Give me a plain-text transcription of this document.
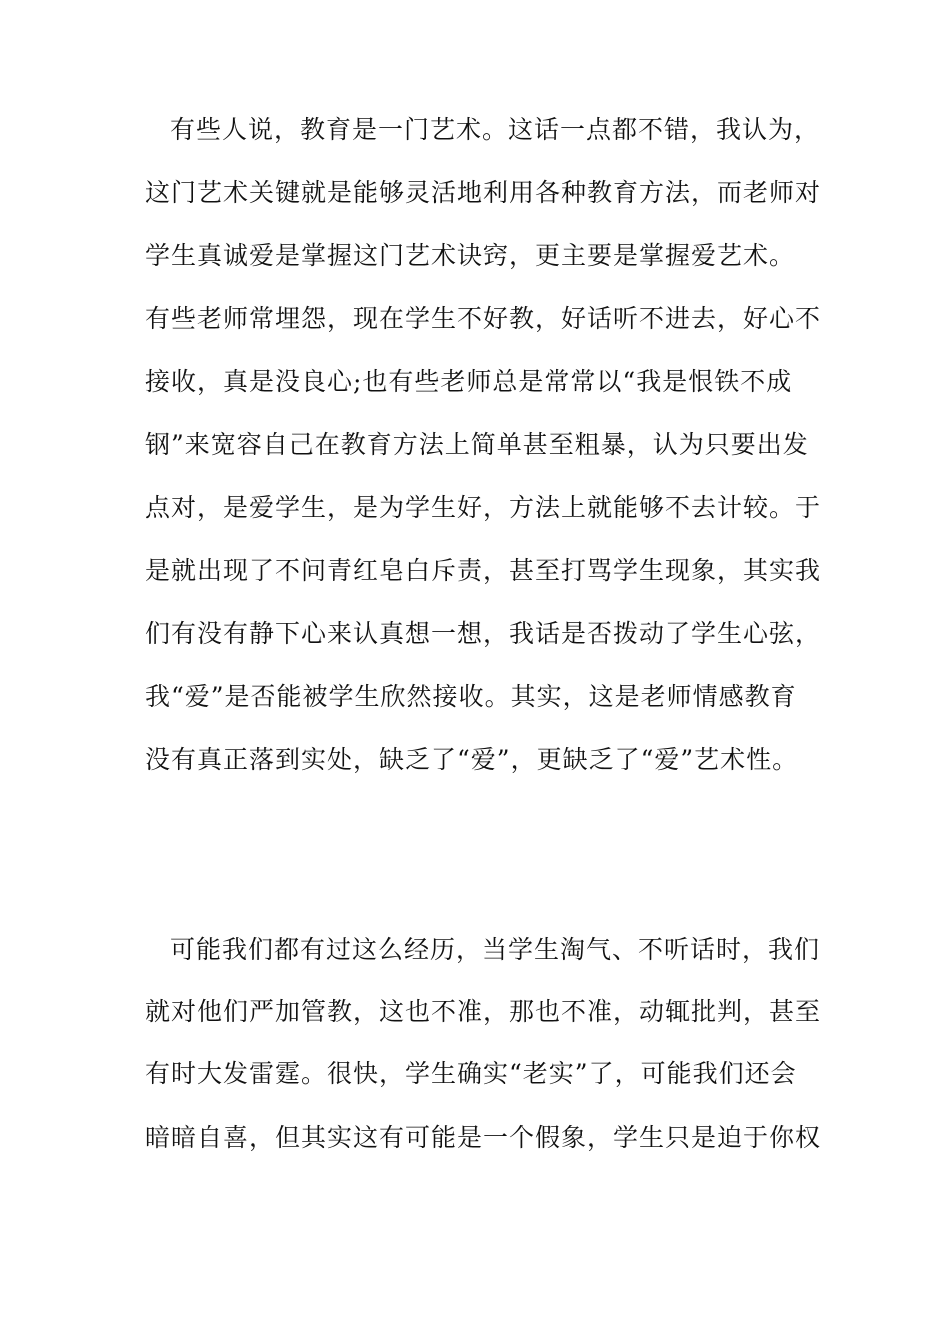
有些人说，教育是一门艺术。这话一点都不错，我认为，
这门艺术关键就是能够灵活地利用各种教育方法，而老师对
学生真诚爱是掌握这门艺术诀窍，更主要是掌握爱艺术。
有些老师常埋怨，现在学生不好教，好话听不进去，好心不
接收，真是没良心;也有些老师总是常常以“我是恨铁不成
钢”来宽容自己在教育方法上简单甚至粗暴，认为只要出发
点对，是爱学生，是为学生好，方法上就能够不去计较。于
是就出现了不问青红皂白斥责，甚至打骂学生现象，其实我
们有没有静下心来认真想一想，我话是否拨动了学生心弦，
我“爱”是否能被学生欣然接收。其实，这是老师情感教育
没有真正落到实处，缺乏了“爱”，更缺乏了“爱”艺术性。
可能我们都有过这么经历，当学生淘气、不听话时，我们
就对他们严加管教，这也不准，那也不准，动辄批判，甚至
有时大发雷霆。很快，学生确实“老实”了，可能我们还会
暗暗自喜，但其实这有可能是一个假象，学生只是迫于你权
